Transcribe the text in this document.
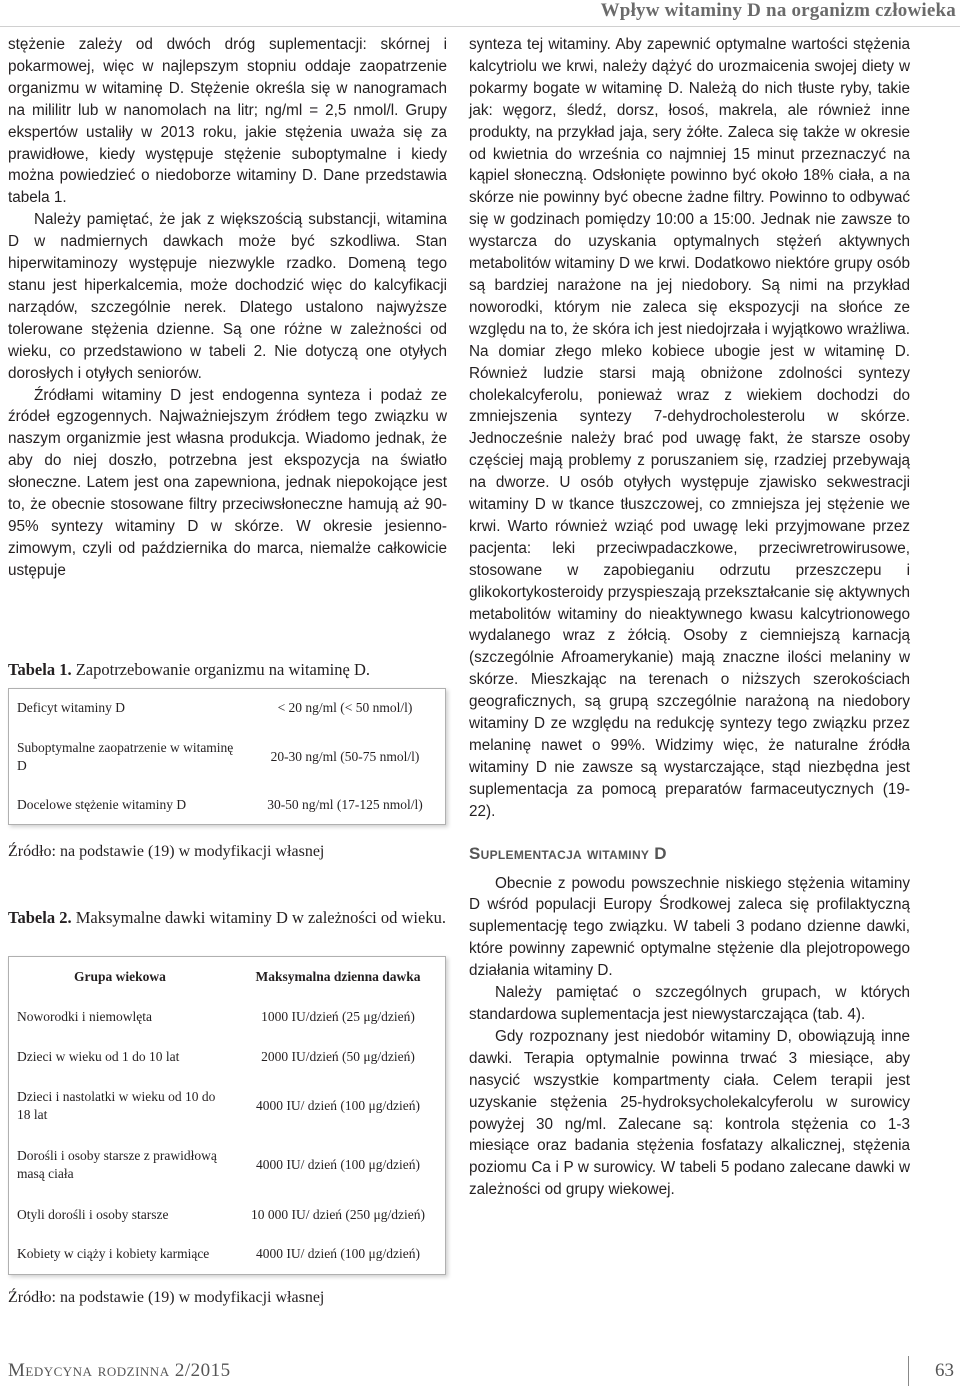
Wpływ witaminy D na organizm człowieka

stężenie zależy od dwóch dróg suplementacji: skórnej i pokarmowej, więc w najlepszym stopniu oddaje zaopatrzenie organizmu w witaminę D. Stężenie określa się w nanogramach na mililitr lub w nanomolach na litr; ng/ml = 2,5 nmol/l. Grupy ekspertów ustaliły w 2013 roku, jakie stężenia uważa się za prawidłowe, kiedy występuje stężenie suboptymalne i kiedy można powiedzieć o niedoborze witaminy D. Dane przedstawia tabela 1.

Należy pamiętać, że jak z większością substancji, witamina D w nadmiernych dawkach może być szkodliwa. Stan hiperwitaminozy występuje niezwykle rzadko. Domeną tego stanu jest hiperkalcemia, może dochodzić więc do kalcyfikacji narządów, szczególnie nerek. Dlatego ustalono najwyższe tolerowane stężenia dzienne. Są one różne w zależności od wieku, co przedstawiono w tabeli 2. Nie dotyczą one otyłych dorosłych i otyłych seniorów.

Źródłami witaminy D jest endogenna synteza i podaż ze źródeł egzogennych. Najważniejszym źródłem tego związku w naszym organizmie jest własna produkcja. Wiadomo jednak, że aby do niej doszło, potrzebna jest ekspozycja na światło słoneczne. Latem jest ona zapewniona, jednak niepokojące jest to, że obecnie stosowane filtry przeciwsłoneczne hamują aż 90-95% syntezy witaminy D w skórze. W okresie jesienno-zimowym, czyli od października do marca, niemalże całkowicie ustępuje

Tabela 1. Zapotrzebowanie organizmu na witaminę D.
Deficyt witaminy D	< 20 ng/ml (< 50 nmol/l)
Suboptymalne zaopatrzenie w witaminę D	20-30 ng/ml (50-75 nmol/l)
Docelowe stężenie witaminy D	30-50 ng/ml (17-125 nmol/l)
Źródło: na podstawie (19) w modyfikacji własnej
Tabela 2. Maksymalne dawki witaminy D w zależności od wieku.
Grupa wiekowa	Maksymalna dzienna dawka
Noworodki i niemowlęta	1000 IU/dzień (25 μg/dzień)
Dzieci w wieku od 1 do 10 lat	2000 IU/dzień (50 μg/dzień)
Dzieci i nastolatki w wieku od 10 do 18 lat	4000 IU/ dzień (100 μg/dzień)
Dorośli i osoby starsze z prawidłową masą ciała	4000 IU/ dzień (100 μg/dzień)
Otyli dorośli i osoby starsze	10 000 IU/ dzień (250 μg/dzień)
Kobiety w ciąży i kobiety karmiące	4000 IU/ dzień (100 μg/dzień)
Źródło: na podstawie (19) w modyfikacji własnej

synteza tej witaminy. Aby zapewnić optymalne wartości stężenia kalcytriolu we krwi, należy dążyć do urozmaicenia swojej diety w pokarmy bogate w witaminę D. Należą do nich tłuste ryby, takie jak: węgorz, śledź, dorsz, łosoś, makrela, ale również inne produkty, na przykład jaja, sery żółte. Zaleca się także w okresie od kwietnia do września co najmniej 15 minut przeznaczyć na kąpiel słoneczną. Odsłonięte powinno być około 18% ciała, a na skórze nie powinny być obecne żadne filtry. Powinno to odbywać się w godzinach pomiędzy 10:00 a 15:00. Jednak nie zawsze to wystarcza do uzyskania optymalnych stężeń aktywnych metabolitów witaminy D we krwi. Dodatkowo niektóre grupy osób są bardziej narażone na jej niedobory. Są nimi na przykład noworodki, którym nie zaleca się ekspozycji na słońce ze względu na to, że skóra ich jest niedojrzała i wyjątkowo wrażliwa. Na domiar złego mleko kobiece ubogie jest w witaminę D. Również ludzie starsi mają obniżone zdolności syntezy cholekalcyferolu, ponieważ wraz z wiekiem dochodzi do zmniejszenia syntezy 7-dehydrocholesterolu w skórze. Jednocześnie należy brać pod uwagę fakt, że starsze osoby częściej mają problemy z poruszaniem się, rzadziej przebywają na dworze. U osób otyłych występuje zjawisko sekwestracji witaminy D w tkance tłuszczowej, co zmniejsza jej stężenie we krwi. Warto również wziąć pod uwagę leki przyjmowane przez pacjenta: leki przeciwpadaczkowe, przeciwretrowirusowe, stosowane w zapobieganiu odrzutu przeszczepu i glikokortykosteroidy przyspieszają przekształcanie się aktywnych metabolitów witaminy do nieaktywnego kwasu kalcytrionowego wydalanego wraz z żółcią. Osoby z ciemniejszą karnacją (szczególnie Afroamerykanie) mają znaczne ilości melaniny w skórze. Mieszkając na terenach o niższych szerokościach geograficznych, są grupą szczególnie narażoną na niedobory witaminy D ze względu na redukcję syntezy tego związku przez melaninę nawet o 99%. Widzimy więc, że naturalne źródła witaminy D nie zawsze są wystarczające, stąd niezbędna jest suplementacja za pomocą preparatów farmaceutycznych (19-22).

Suplementacja witaminy D

Obecnie z powodu powszechnie niskiego stężenia witaminy D wśród populacji Europy Środkowej zaleca się profilaktyczną suplementację tego związku. W tabeli 3 podano dzienne dawki, które powinny zapewnić optymalne stężenie dla plejotropowego działania witaminy D.

Należy pamiętać o szczególnych grupach, w których standardowa suplementacja jest niewystarczająca (tab. 4).

Gdy rozpoznany jest niedobór witaminy D, obowiązują inne dawki. Terapia optymalnie powinna trwać 3 miesiące, aby nasycić wszystkie kompartmenty ciała. Celem terapii jest uzyskanie stężenia 25-hydroksycholekalcyferolu w surowicy powyżej 30 ng/ml. Zalecane są: kontrola stężenia co 1-3 miesiące oraz badania stężenia fosfatazy alkalicznej, stężenia poziomu Ca i P w surowicy. W tabeli 5 podano zalecane dawki w zależności od grupy wiekowej.

Medycyna rodzinna 2/2015	63
